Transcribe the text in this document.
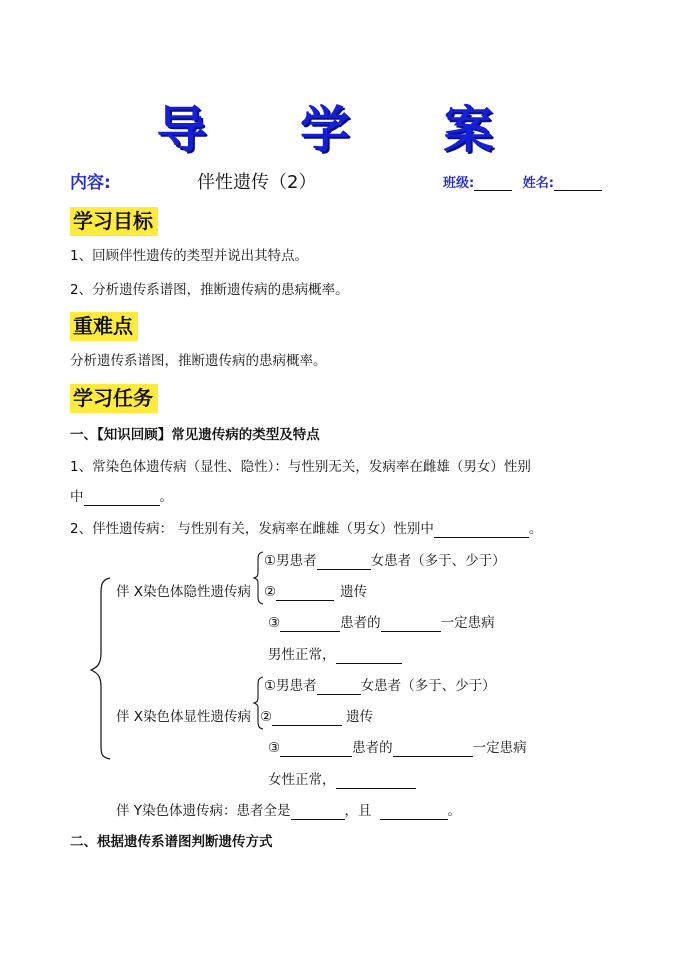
导 学 案
内容:	伴性遗传（2）	班级:	姓名:
学习目标
1、回顾伴性遗传的类型并说出其特点。
2、分析遗传系谱图，推断遗传病的患病概率。
重难点
分析遗传系谱图，推断遗传病的患病概率。
学习任务
一、【知识回顾】常见遗传病的类型及特点
1、常染色体遗传病（显性、隐性）：与性别无关，发病率在雌雄（男女）性别
中	。
2、伴性遗传病： 与性别有关，发病率在雌雄（男女）性别中	。
伴 X染色体隐性遗传病
①男患者	女患者（多于、少于）
②	遗传
③	患者的	一定患病
男性正常，
伴 X染色体显性遗传病
①男患者	女患者（多于、少于）
②	遗传
③	患者的	一定患病
女性正常，
伴 Y染色体遗传病：患者全是	，且	。
二、根据遗传系谱图判断遗传方式
